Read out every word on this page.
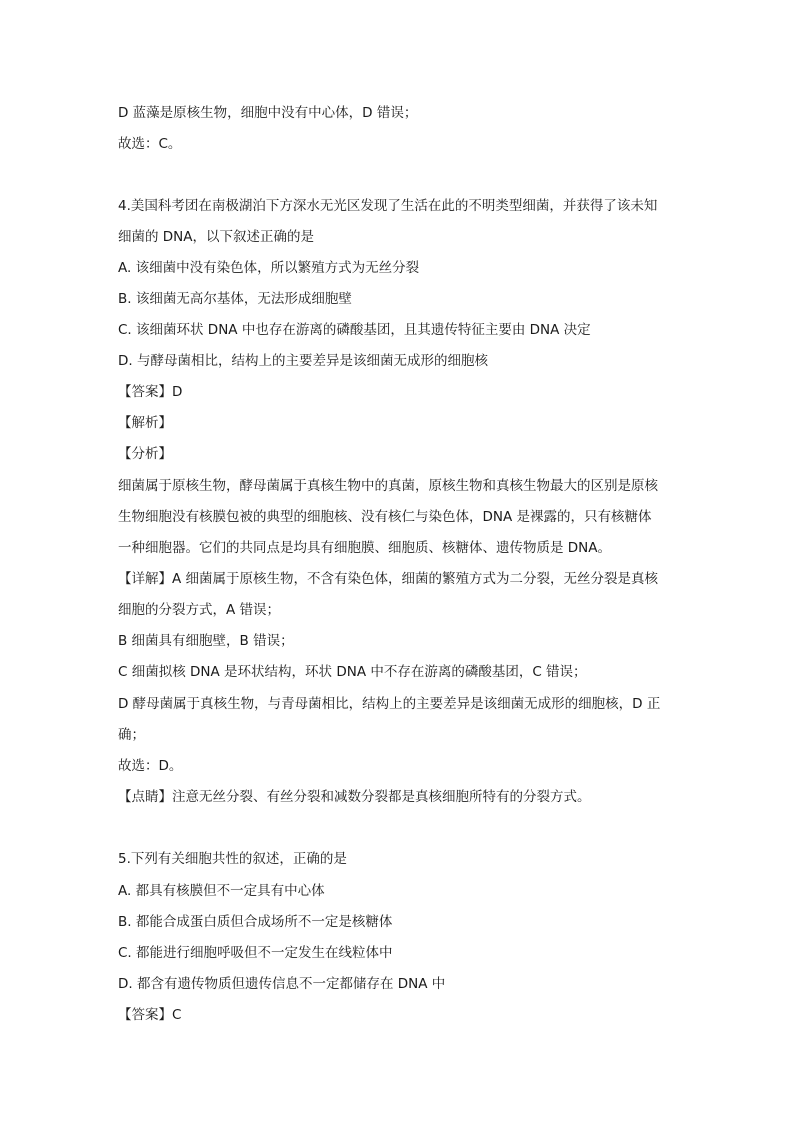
D 蓝藻是原核生物，细胞中没有中心体，D 错误；
故选：C。
4.美国科考团在南极湖泊下方深水无光区发现了生活在此的不明类型细菌，并获得了该未知
细菌的 DNA，以下叙述正确的是
A. 该细菌中没有染色体，所以繁殖方式为无丝分裂
B. 该细菌无高尔基体，无法形成细胞壁
C. 该细菌环状 DNA 中也存在游离的磷酸基团，且其遗传特征主要由 DNA 决定
D. 与酵母菌相比，结构上的主要差异是该细菌无成形的细胞核
【答案】D
【解析】
【分析】
细菌属于原核生物，酵母菌属于真核生物中的真菌，原核生物和真核生物最大的区别是原核
生物细胞没有核膜包被的典型的细胞核、没有核仁与染色体，DNA 是裸露的，只有核糖体
一种细胞器。它们的共同点是均具有细胞膜、细胞质、核糖体、遗传物质是 DNA。
【详解】A 细菌属于原核生物，不含有染色体，细菌的繁殖方式为二分裂，无丝分裂是真核
细胞的分裂方式，A 错误；
B 细菌具有细胞壁，B 错误；
C 细菌拟核 DNA 是环状结构，环状 DNA 中不存在游离的磷酸基团，C 错误；
D 酵母菌属于真核生物，与青母菌相比，结构上的主要差异是该细菌无成形的细胞核，D 正
确；
故选：D。
【点睛】注意无丝分裂、有丝分裂和减数分裂都是真核细胞所特有的分裂方式。
5.下列有关细胞共性的叙述，正确的是
A. 都具有核膜但不一定具有中心体
B. 都能合成蛋白质但合成场所不一定是核糖体
C. 都能进行细胞呼吸但不一定发生在线粒体中
D. 都含有遗传物质但遗传信息不一定都储存在 DNA 中
【答案】C
